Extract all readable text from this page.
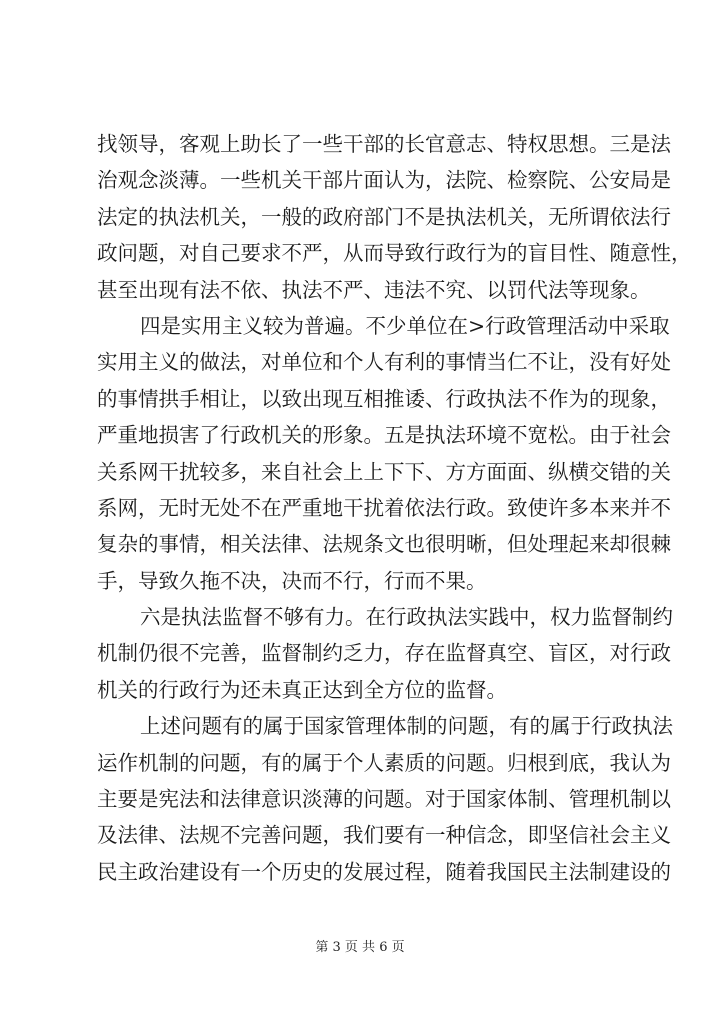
找领导，客观上助长了一些干部的长官意志、特权思想。三是法
治观念淡薄。一些机关干部片面认为，法院、检察院、公安局是
法定的执法机关，一般的政府部门不是执法机关，无所谓依法行
政问题，对自己要求不严，从而导致行政行为的盲目性、随意性，
甚至出现有法不依、执法不严、违法不究、以罚代法等现象。
四是实用主义较为普遍。不少单位在>行政管理活动中采取
实用主义的做法，对单位和个人有利的事情当仁不让，没有好处
的事情拱手相让，以致出现互相推诿、行政执法不作为的现象，
严重地损害了行政机关的形象。五是执法环境不宽松。由于社会
关系网干扰较多，来自社会上上下下、方方面面、纵横交错的关
系网，无时无处不在严重地干扰着依法行政。致使许多本来并不
复杂的事情，相关法律、法规条文也很明晰，但处理起来却很棘
手，导致久拖不决，决而不行，行而不果。
六是执法监督不够有力。在行政执法实践中，权力监督制约
机制仍很不完善，监督制约乏力，存在监督真空、盲区，对行政
机关的行政行为还未真正达到全方位的监督。
上述问题有的属于国家管理体制的问题，有的属于行政执法
运作机制的问题，有的属于个人素质的问题。归根到底，我认为
主要是宪法和法律意识淡薄的问题。对于国家体制、管理机制以
及法律、法规不完善问题，我们要有一种信念，即坚信社会主义
民主政治建设有一个历史的发展过程，随着我国民主法制建设的
第 3 页 共 6 页
